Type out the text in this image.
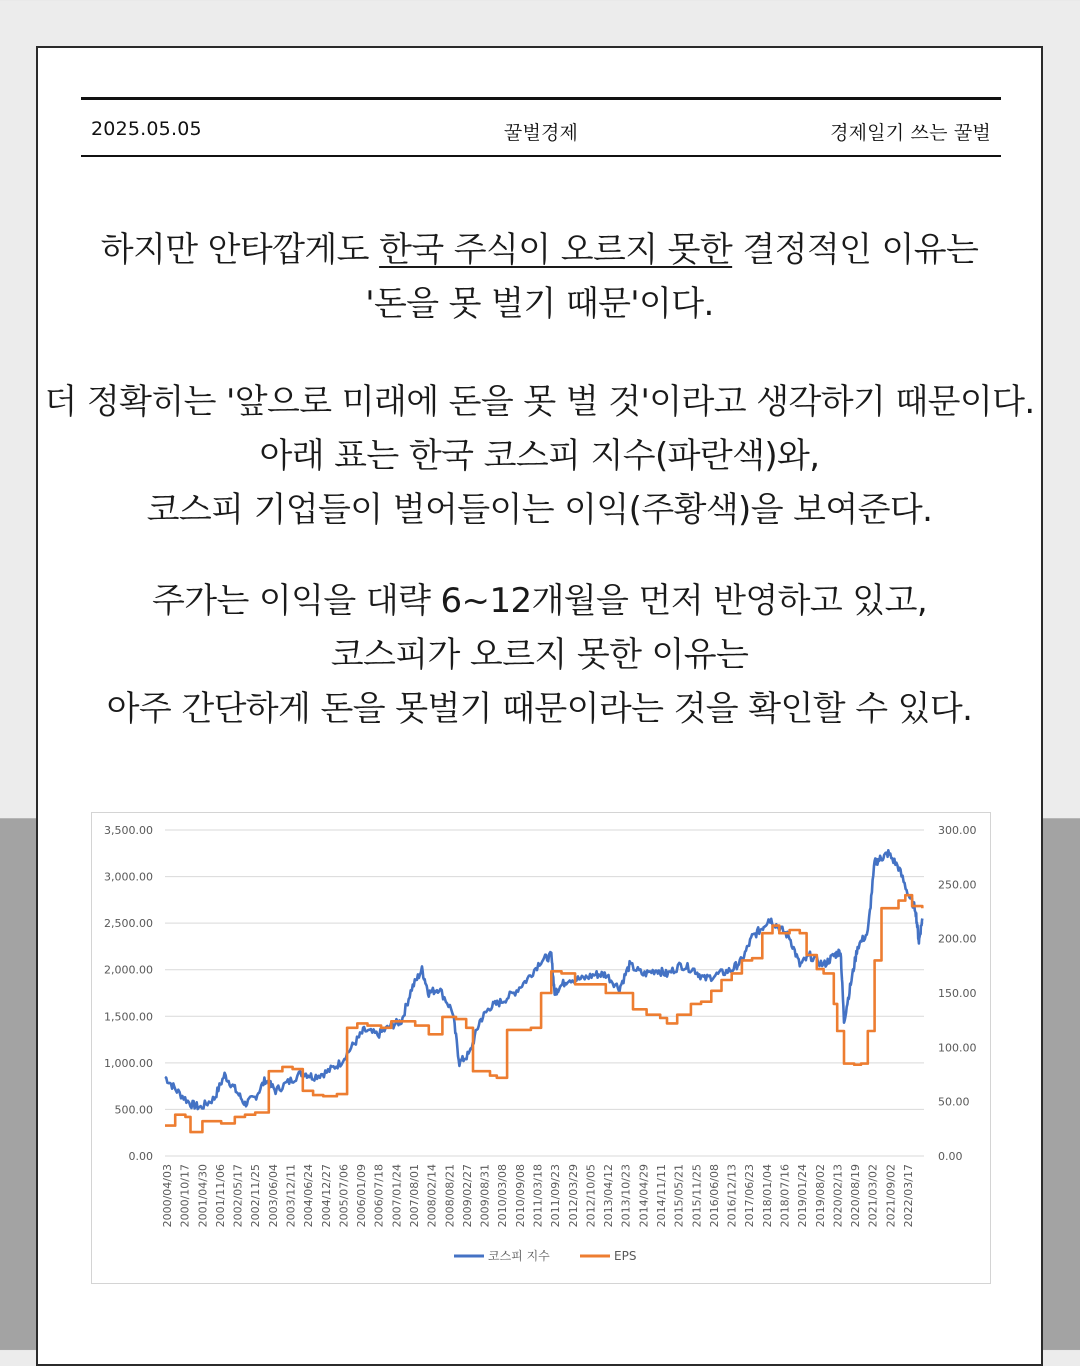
2025.05.05	꿀벌경제	경제일기 쓰는 꿀벌
하지만 안타깝게도 한국 주식이 오르지 못한 결정적인 이유는
'돈을 못 벌기 때문'이다.
더 정확히는 '앞으로 미래에 돈을 못 벌 것'이라고 생각하기 때문이다.
아래 표는 한국 코스피 지수(파란색)와,
코스피 기업들이 벌어들이는 이익(주황색)을 보여준다.
주가는 이익을 대략 6~12개월을 먼저 반영하고 있고,
코스피가 오르지 못한 이유는
아주 간단하게 돈을 못벌기 때문이라는 것을 확인할 수 있다.
0.00
500.00
1,000.00
1,500.00
2,000.00
2,500.00
3,000.00
3,500.00
0.00
50.00
100.00
150.00
200.00
250.00
300.00
2000/04/03 2000/10/17 2001/04/30 2001/11/06 2002/05/17 2002/11/25 2003/06/04 2003/12/11 2004/06/24 2004/12/27 2005/07/06 2006/01/09 2006/07/18 2007/01/24 2007/08/01 2008/02/14 2008/08/21 2009/02/27 2009/08/31 2010/03/08 2010/09/08 2011/03/18 2011/09/23 2012/03/29 2012/10/05 2013/04/12 2013/10/23 2014/04/29 2014/11/11 2015/05/21 2015/11/25 2016/06/08 2016/12/13 2017/06/23 2018/01/04 2018/07/16 2019/01/24 2019/08/02 2020/02/13 2020/08/19 2021/03/02 2021/09/02 2022/03/17
코스피 지수	EPS
